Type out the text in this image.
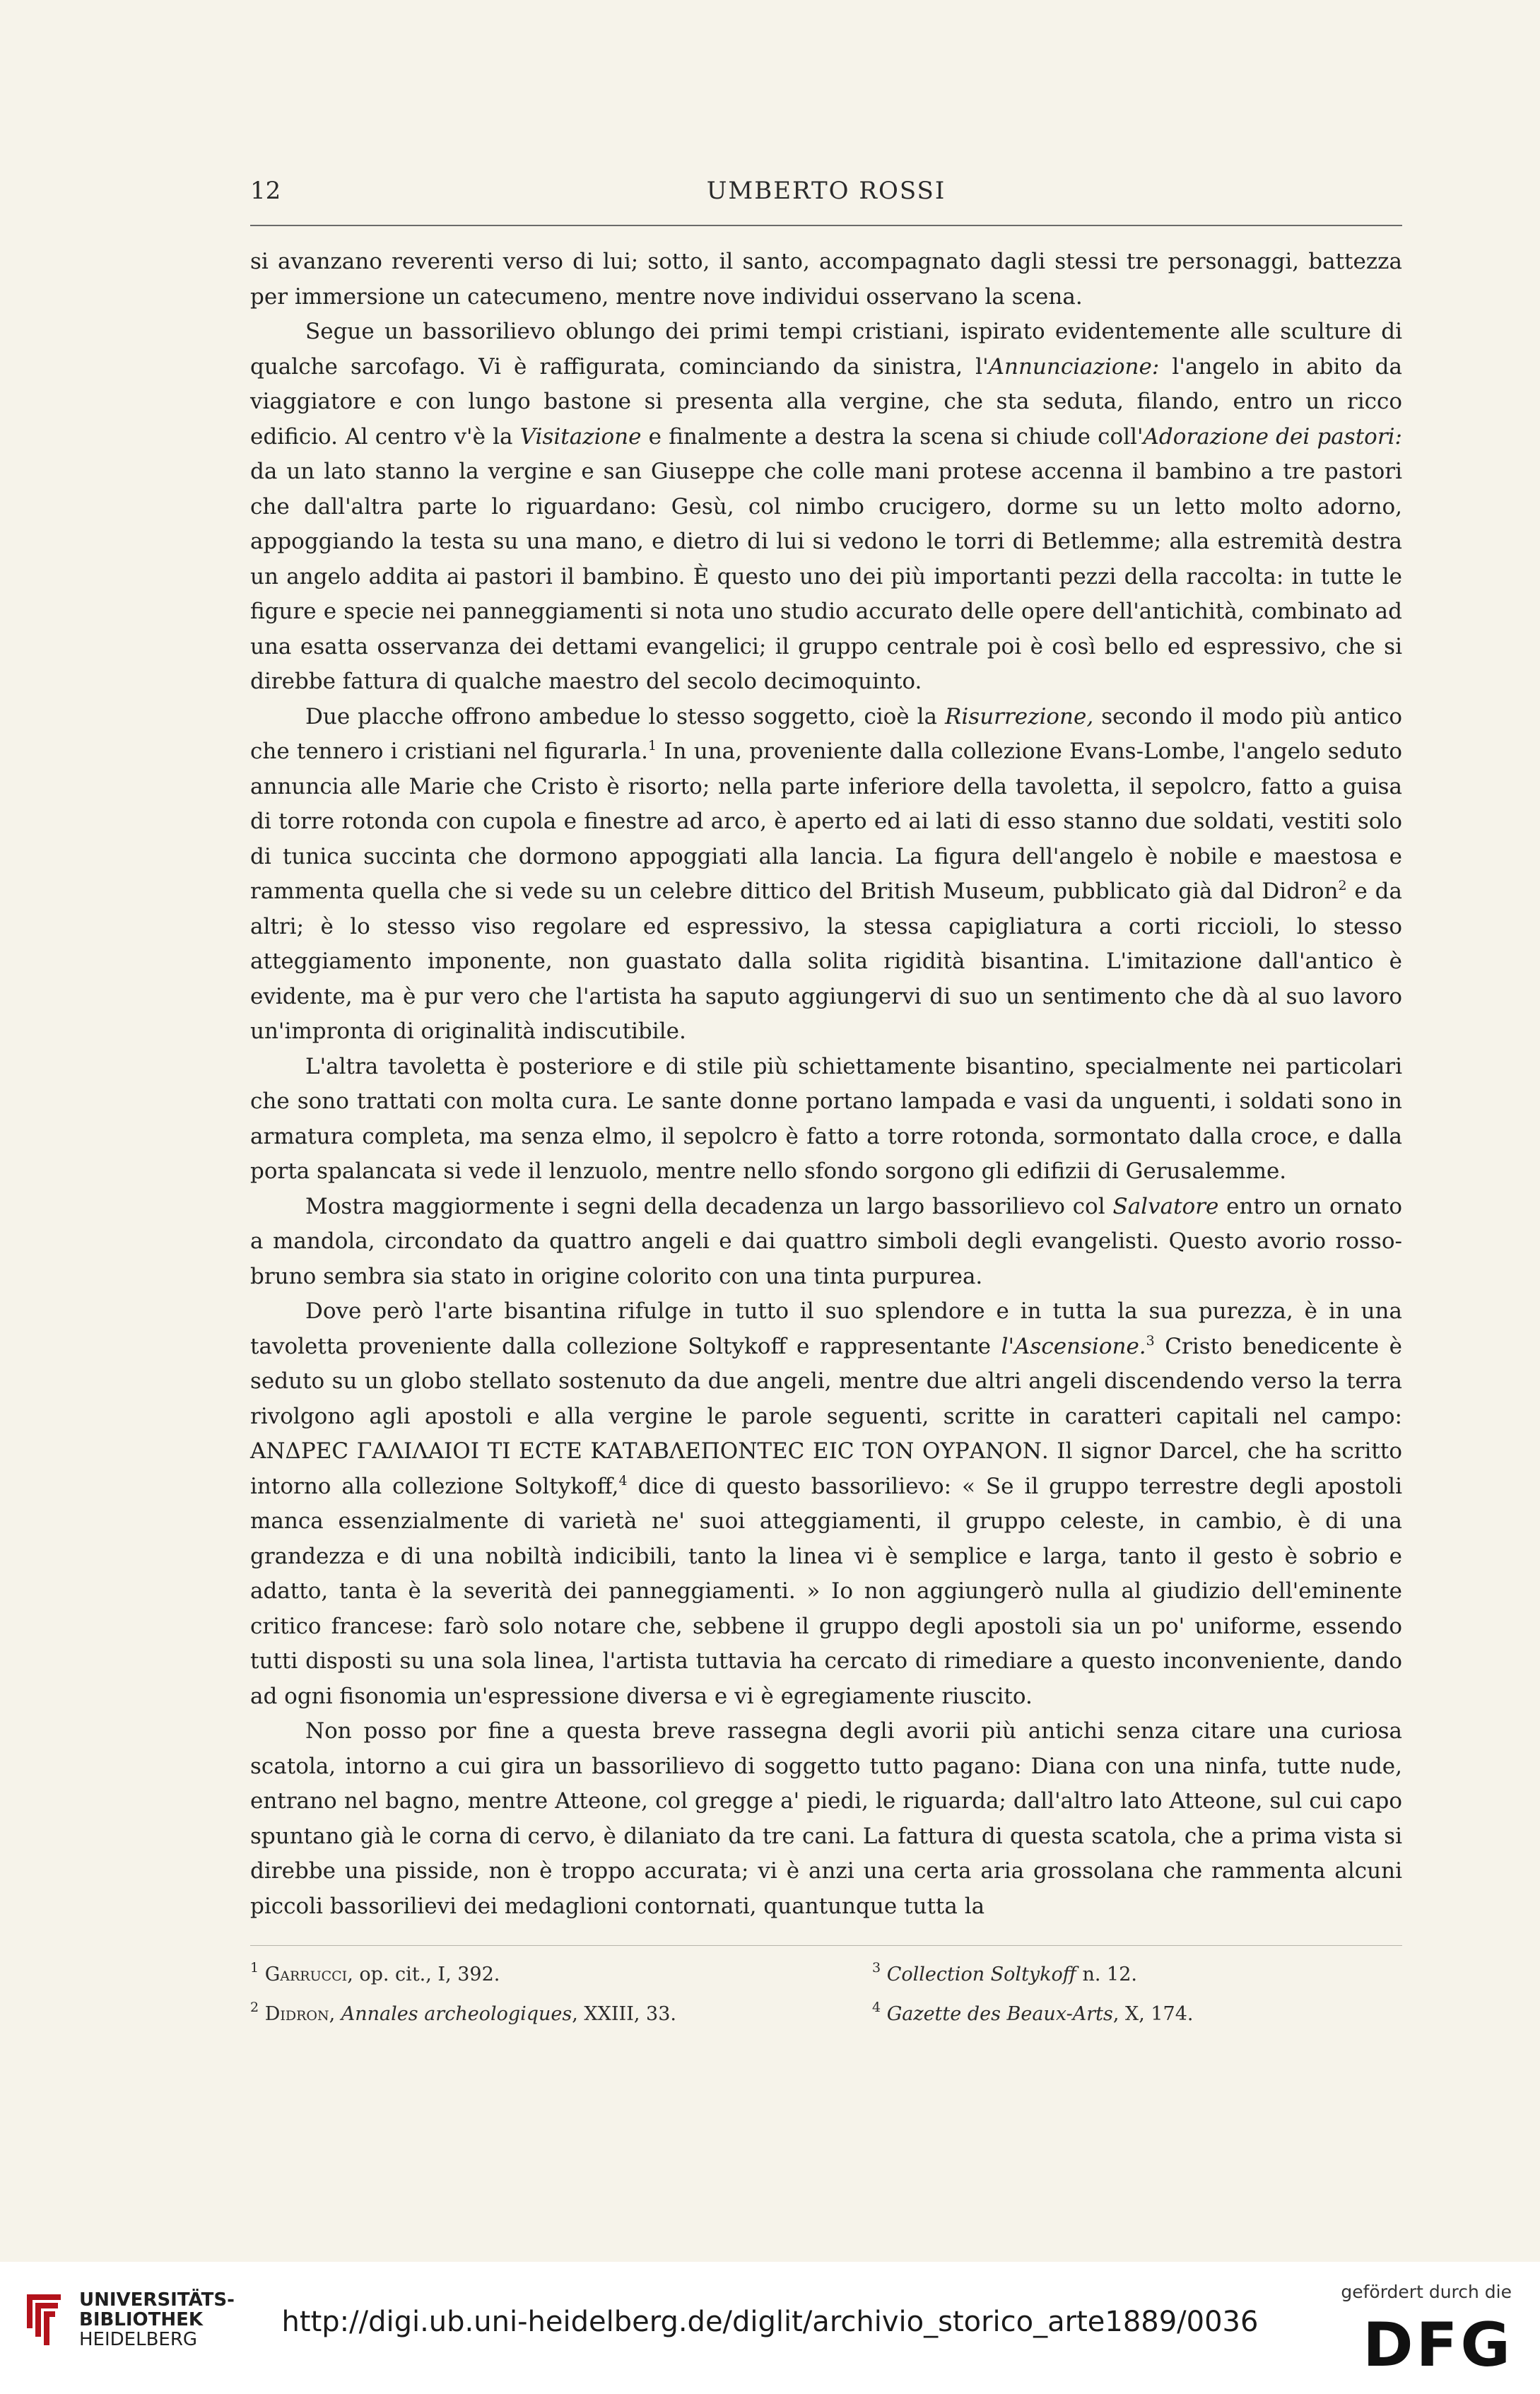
12	UMBERTO ROSSI

si avanzano reverenti verso di lui; sotto, il santo, accompagnato dagli stessi tre personaggi, battezza per immersione un catecumeno, mentre nove individui osservano la scena.

Segue un bassorilievo oblungo dei primi tempi cristiani, ispirato evidentemente alle sculture di qualche sarcofago. Vi è raffigurata, cominciando da sinistra, l'Annunciazione: l'angelo in abito da viaggiatore e con lungo bastone si presenta alla vergine, che sta seduta, filando, entro un ricco edificio. Al centro v'è la Visitazione e finalmente a destra la scena si chiude coll'Adorazione dei pastori: da un lato stanno la vergine e san Giuseppe che colle mani protese accenna il bambino a tre pastori che dall'altra parte lo riguardano: Gesù, col nimbo crucigero, dorme su un letto molto adorno, appoggiando la testa su una mano, e dietro di lui si vedono le torri di Betlemme; alla estremità destra un angelo addita ai pastori il bambino. È questo uno dei più importanti pezzi della raccolta: in tutte le figure e specie nei panneggiamenti si nota uno studio accurato delle opere dell'antichità, combinato ad una esatta osservanza dei dettami evangelici; il gruppo centrale poi è così bello ed espressivo, che si direbbe fattura di qualche maestro del secolo decimoquinto.

Due placche offrono ambedue lo stesso soggetto, cioè la Risurrezione, secondo il modo più antico che tennero i cristiani nel figurarla.$^1$ In una, proveniente dalla collezione Evans-Lombe, l'angelo seduto annuncia alle Marie che Cristo è risorto; nella parte inferiore della tavoletta, il sepolcro, fatto a guisa di torre rotonda con cupola e finestre ad arco, è aperto ed ai lati di esso stanno due soldati, vestiti solo di tunica succinta che dormono appoggiati alla lancia. La figura dell'angelo è nobile e maestosa e rammenta quella che si vede su un celebre dittico del British Museum, pubblicato già dal Didron$^2$ e da altri; è lo stesso viso regolare ed espressivo, la stessa capigliatura a corti riccioli, lo stesso atteggiamento imponente, non guastato dalla solita rigidità bisantina. L'imitazione dall'antico è evidente, ma è pur vero che l'artista ha saputo aggiungervi di suo un sentimento che dà al suo lavoro un'impronta di originalità indiscutibile.

L'altra tavoletta è posteriore e di stile più schiettamente bisantino, specialmente nei particolari che sono trattati con molta cura. Le sante donne portano lampada e vasi da unguenti, i soldati sono in armatura completa, ma senza elmo, il sepolcro è fatto a torre rotonda, sormontato dalla croce, e dalla porta spalancata si vede il lenzuolo, mentre nello sfondo sorgono gli edifizii di Gerusalemme.

Mostra maggiormente i segni della decadenza un largo bassorilievo col Salvatore entro un ornato a mandola, circondato da quattro angeli e dai quattro simboli degli evangelisti. Questo avorio rosso-bruno sembra sia stato in origine colorito con una tinta purpurea.

Dove però l'arte bisantina rifulge in tutto il suo splendore e in tutta la sua purezza, è in una tavoletta proveniente dalla collezione Soltykoff e rappresentante l'Ascensione.$^3$ Cristo benedicente è seduto su un globo stellato sostenuto da due angeli, mentre due altri angeli discendendo verso la terra rivolgono agli apostoli e alla vergine le parole seguenti, scritte in caratteri capitali nel campo: ΑΝΔΡΕϹ ΓΑΛΙΛΑΙΟΙ ΤΙ ΕϹΤΕ ΚΑΤΑΒΛΕΠΟΝΤΕϹ ΕΙϹ ΤΟΝ ΟΥΡΑΝΟΝ. Il signor Darcel, che ha scritto intorno alla collezione Soltykoff,$^4$ dice di questo bassorilievo: « Se il gruppo terrestre degli apostoli manca essenzialmente di varietà ne' suoi atteggiamenti, il gruppo celeste, in cambio, è di una grandezza e di una nobiltà indicibili, tanto la linea vi è semplice e larga, tanto il gesto è sobrio e adatto, tanta è la severità dei panneggiamenti. » Io non aggiungerò nulla al giudizio dell'eminente critico francese: farò solo notare che, sebbene il gruppo degli apostoli sia un po' uniforme, essendo tutti disposti su una sola linea, l'artista tuttavia ha cercato di rimediare a questo inconveniente, dando ad ogni fisonomia un'espressione diversa e vi è egregiamente riuscito.

Non posso por fine a questa breve rassegna degli avorii più antichi senza citare una curiosa scatola, intorno a cui gira un bassorilievo di soggetto tutto pagano: Diana con una ninfa, tutte nude, entrano nel bagno, mentre Atteone, col gregge a' piedi, le riguarda; dall'altro lato Atteone, sul cui capo spuntano già le corna di cervo, è dilaniato da tre cani. La fattura di questa scatola, che a prima vista si direbbe una pisside, non è troppo accurata; vi è anzi una certa aria grossolana che rammenta alcuni piccoli bassorilievi dei medaglioni contornati, quantunque tutta la

$^1$ Garrucci, op. cit., I, 392.
$^2$ Didron, Annales archeologiques, XXIII, 33.
$^3$ Collection Soltykoff n. 12.
$^4$ Gazette des Beaux-Arts, X, 174.
UNIVERSITÄTS-
BIBLIOTHEK
HEIDELBERG
http://digi.ub.uni-heidelberg.de/diglit/archivio_storico_arte1889/0036
gefördert durch die
DFG
